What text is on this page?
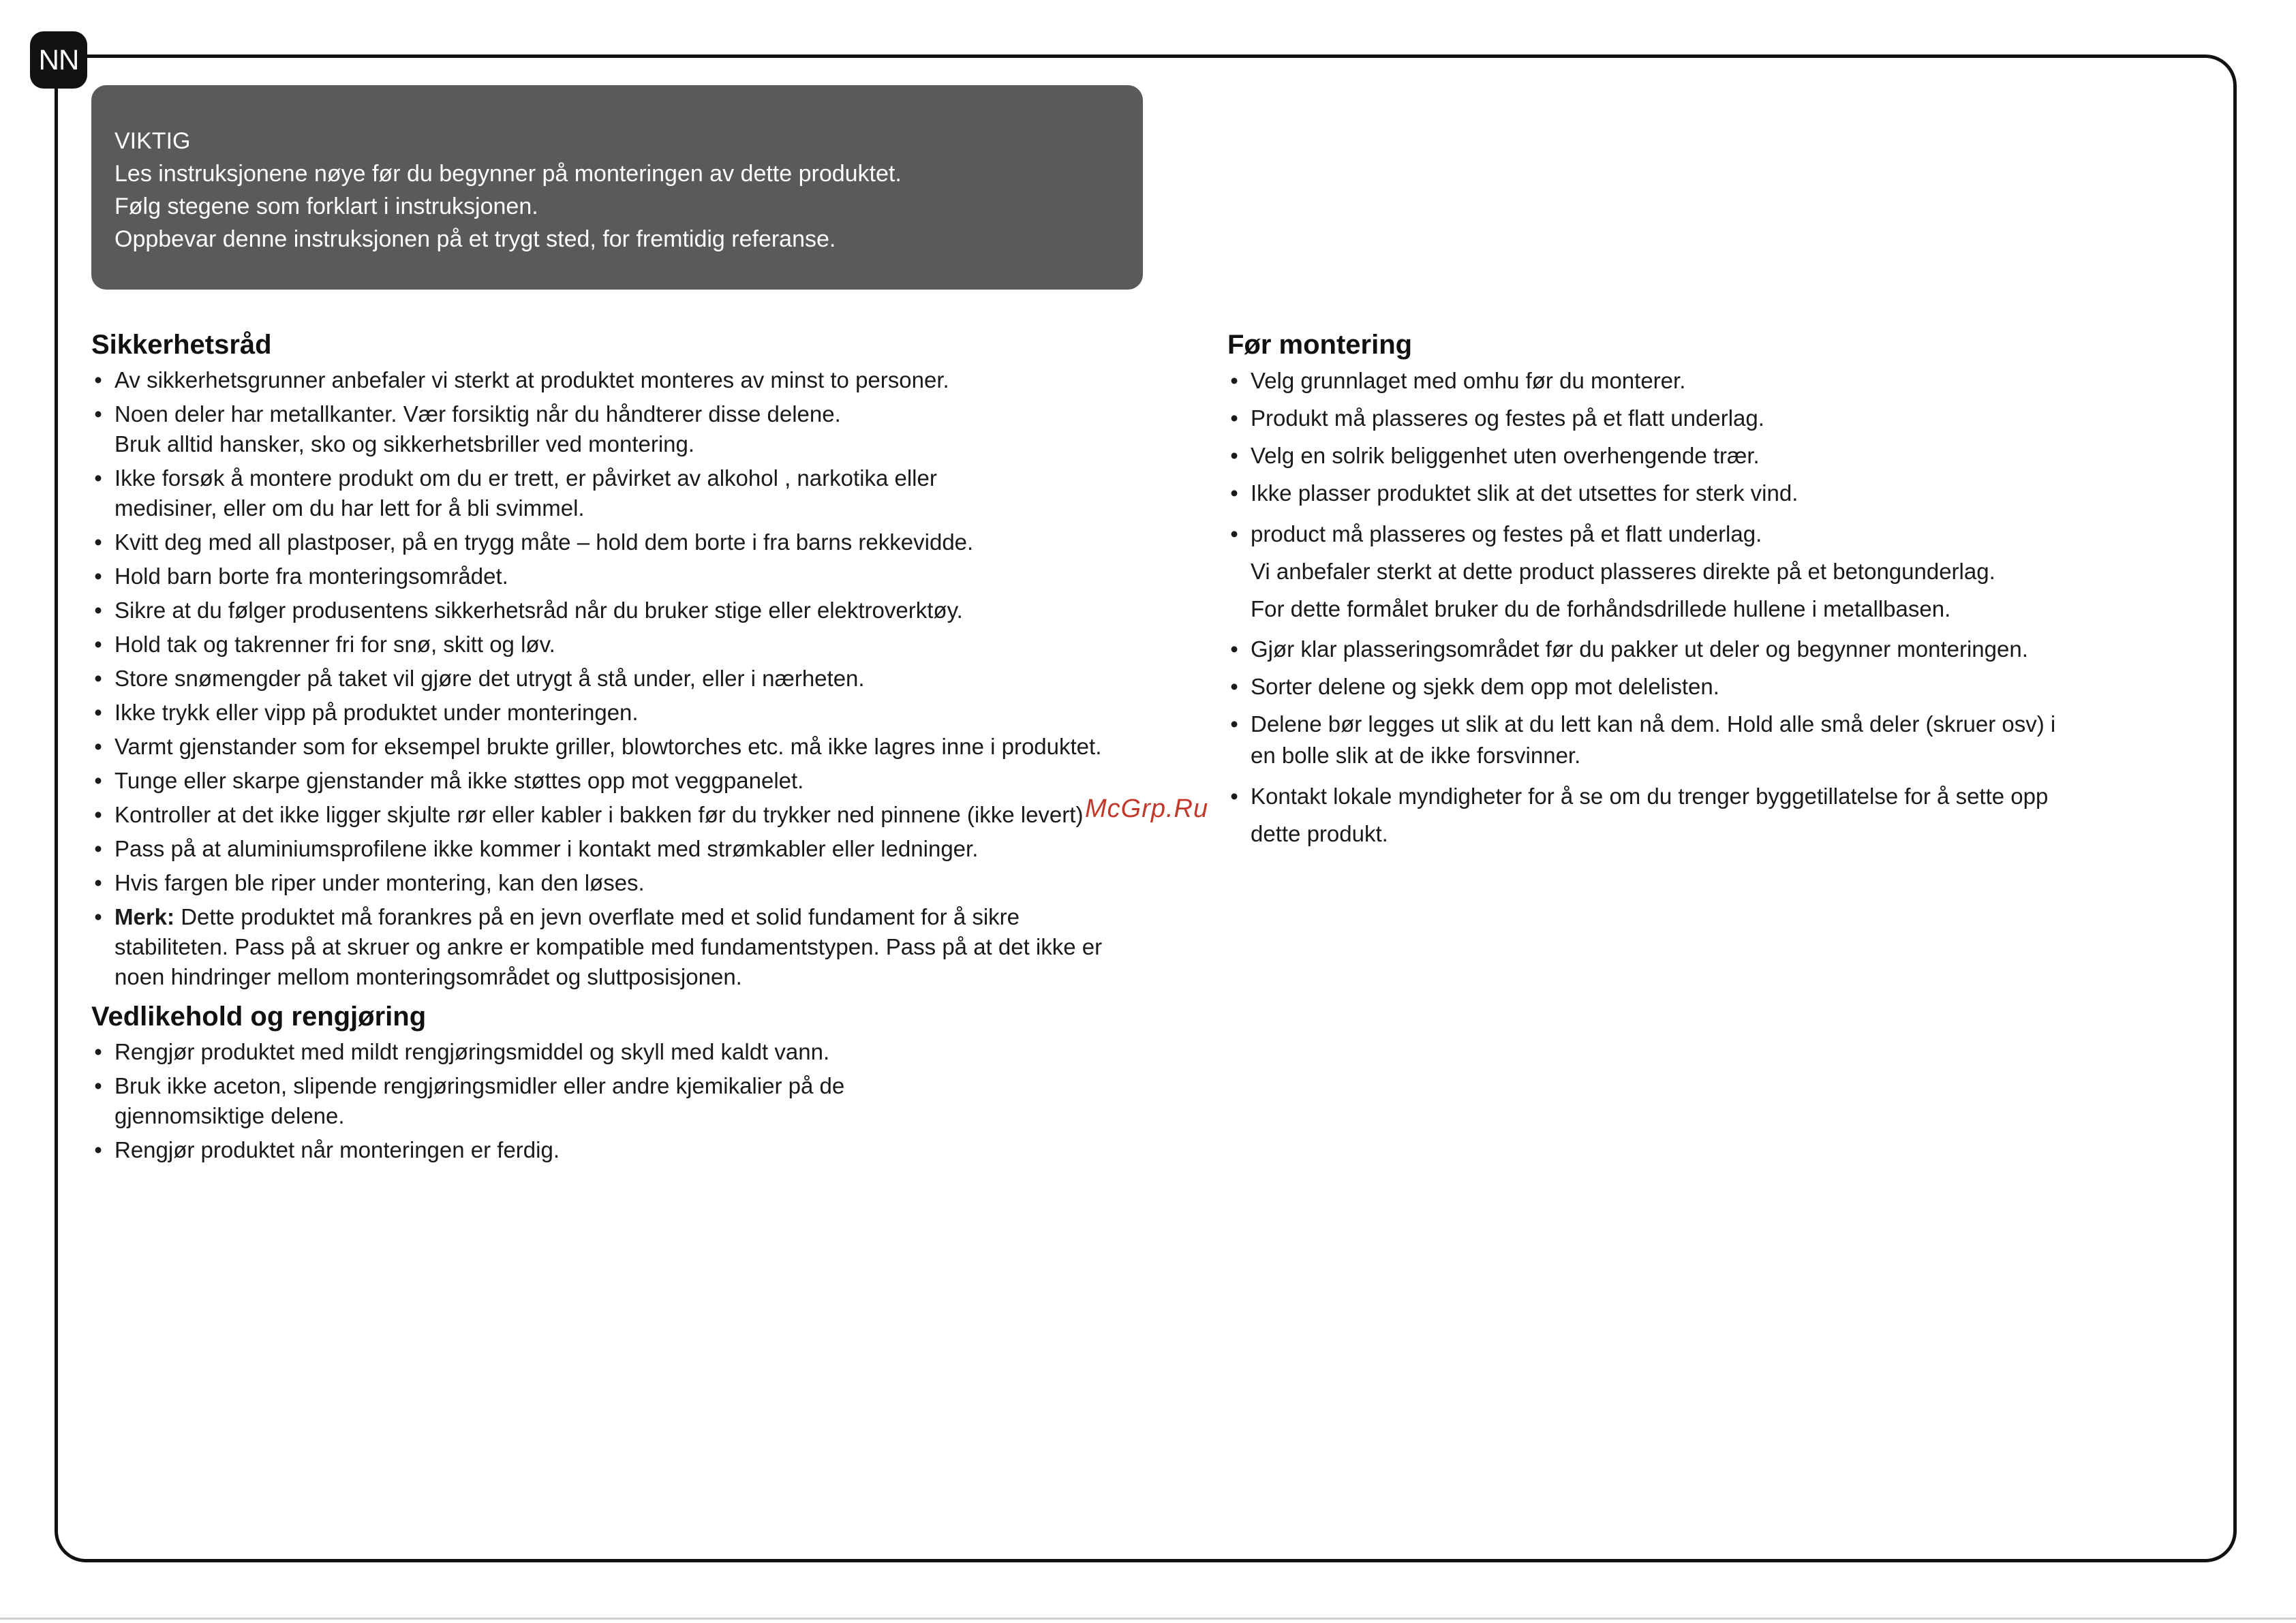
NN
VIKTIG
Les instruksjonene nøye før du begynner på monteringen av dette produktet.
Følg stegene som forklart i instruksjonen.
Oppbevar denne instruksjonen på et trygt sted, for fremtidig referanse.
Sikkerhetsråd
• Av sikkerhetsgrunner anbefaler vi sterkt at produktet monteres av minst to personer.
• Noen deler har metallkanter. Vær forsiktig når du håndterer disse delene.
Bruk alltid hansker, sko og sikkerhetsbriller ved montering.
• Ikke forsøk å montere produkt om du er trett, er påvirket av alkohol , narkotika eller
medisiner, eller om du har lett for å bli svimmel.
• Kvitt deg med all plastposer, på en trygg måte – hold dem borte i fra barns rekkevidde.
• Hold barn borte fra monteringsområdet.
• Sikre at du følger produsentens sikkerhetsråd når du bruker stige eller elektroverktøy.
• Hold tak og takrenner fri for snø, skitt og løv.
• Store snømengder på taket vil gjøre det utrygt å stå under, eller i nærheten.
• Ikke trykk eller vipp på produktet under monteringen.
• Varmt gjenstander som for eksempel brukte griller, blowtorches etc. må ikke lagres inne i produktet.
• Tunge eller skarpe gjenstander må ikke støttes opp mot veggpanelet.
• Kontroller at det ikke ligger skjulte rør eller kabler i bakken før du trykker ned pinnene (ikke levert)
• Pass på at aluminiumsprofilene ikke kommer i kontakt med strømkabler eller ledninger.
• Hvis fargen ble riper under montering, kan den løses.
• Merk: Dette produktet må forankres på en jevn overflate med et solid fundament for å sikre
stabiliteten. Pass på at skruer og ankre er kompatible med fundamentstypen. Pass på at det ikke er
noen hindringer mellom monteringsområdet og sluttposisjonen.
Vedlikehold og rengjøring
• Rengjør produktet med mildt rengjøringsmiddel og skyll med kaldt vann.
• Bruk ikke aceton, slipende rengjøringsmidler eller andre kjemikalier på de
gjennomsiktige delene.
• Rengjør produktet når monteringen er ferdig.
Før montering
• Velg grunnlaget med omhu før du monterer.
• Produkt må plasseres og festes på et flatt underlag.
• Velg en solrik beliggenhet uten overhengende trær.
• Ikke plasser produktet slik at det utsettes for sterk vind.
• product må plasseres og festes på et flatt underlag.
Vi anbefaler sterkt at dette product plasseres direkte på et betongunderlag.
For dette formålet bruker du de forhåndsdrillede hullene i metallbasen.
• Gjør klar plasseringsområdet før du pakker ut deler og begynner monteringen.
• Sorter delene og sjekk dem opp mot delelisten.
• Delene bør legges ut slik at du lett kan nå dem. Hold alle små deler (skruer osv) i
en bolle slik at de ikke forsvinner.
• Kontakt lokale myndigheter for å se om du trenger byggetillatelse for å sette opp
dette produkt.
McGrp.Ru
